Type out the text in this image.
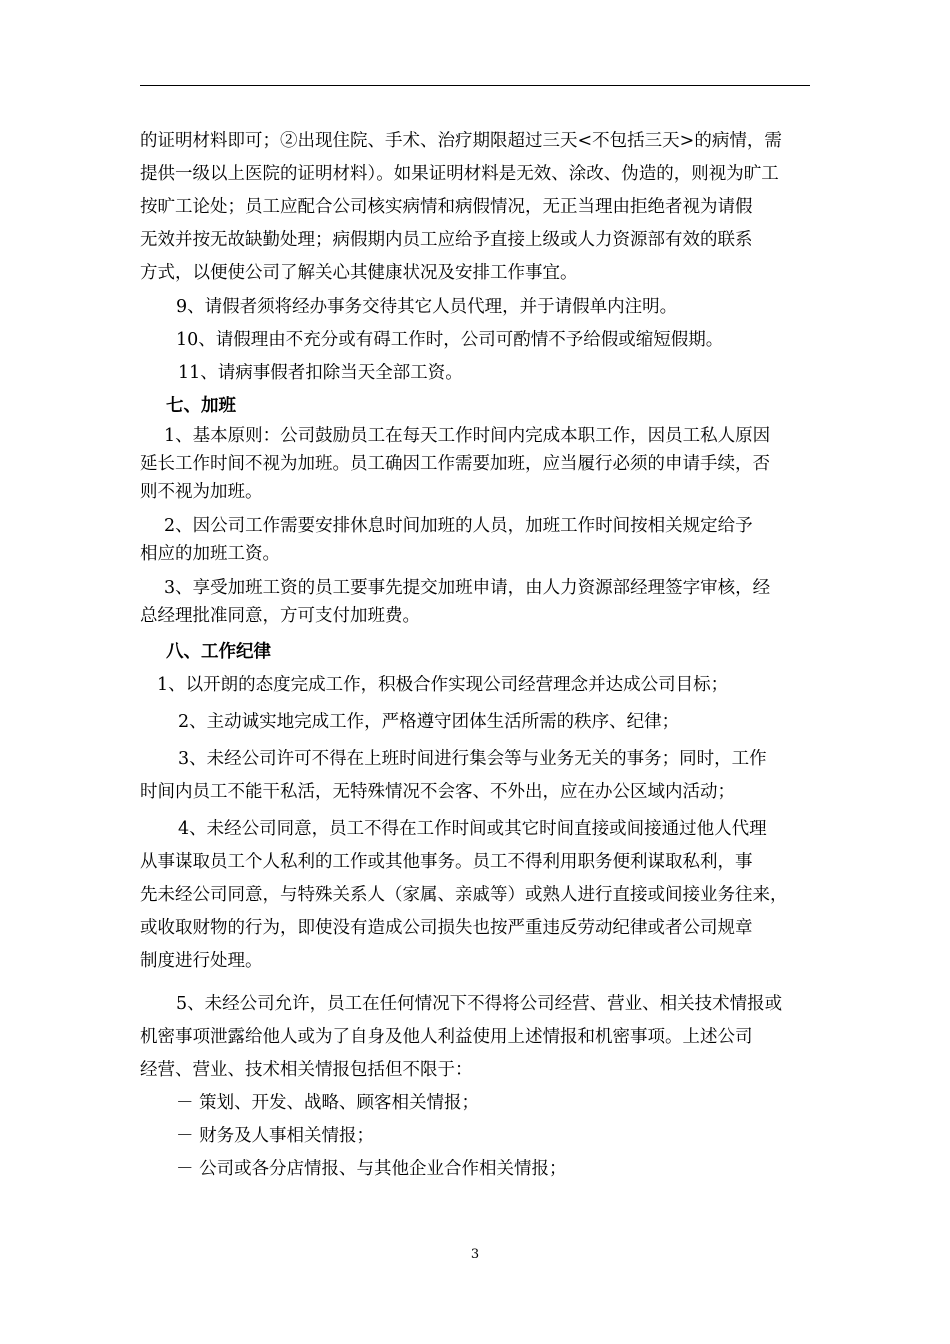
的证明材料即可；②出现住院、手术、治疗期限超过三天<不包括三天>的病情，需

提供一级以上医院的证明材料）。如果证明材料是无效、涂改、伪造的，则视为旷工

按旷工论处；员工应配合公司核实病情和病假情况，无正当理由拒绝者视为请假

无效并按无故缺勤处理；病假期内员工应给予直接上级或人力资源部有效的联系

方式，以便使公司了解关心其健康状况及安排工作事宜。

9、请假者须将经办事务交待其它人员代理，并于请假单内注明。

10、请假理由不充分或有碍工作时，公司可酌情不予给假或缩短假期。

11、请病事假者扣除当天全部工资。

七、加班

1、基本原则：公司鼓励员工在每天工作时间内完成本职工作，因员工私人原因

延长工作时间不视为加班。员工确因工作需要加班，应当履行必须的申请手续，否

则不视为加班。

2、因公司工作需要安排休息时间加班的人员，加班工作时间按相关规定给予

相应的加班工资。

3、享受加班工资的员工要事先提交加班申请，由人力资源部经理签字审核，经

总经理批准同意，方可支付加班费。

八、工作纪律

1、以开朗的态度完成工作，积极合作实现公司经营理念并达成公司目标；

2、主动诚实地完成工作，严格遵守团体生活所需的秩序、纪律；

3、未经公司许可不得在上班时间进行集会等与业务无关的事务；同时，工作

时间内员工不能干私活，无特殊情况不会客、不外出，应在办公区域内活动；

4、未经公司同意，员工不得在工作时间或其它时间直接或间接通过他人代理

从事谋取员工个人私利的工作或其他事务。员工不得利用职务便利谋取私利，事

先未经公司同意，与特殊关系人（家属、亲戚等）或熟人进行直接或间接业务往来，

或收取财物的行为，即使没有造成公司损失也按严重违反劳动纪律或者公司规章

制度进行处理。

5、未经公司允许，员工在任何情况下不得将公司经营、营业、相关技术情报或

机密事项泄露给他人或为了自身及他人利益使用上述情报和机密事项。上述公司

经营、营业、技术相关情报包括但不限于：

－ 策划、开发、战略、顾客相关情报；

－ 财务及人事相关情报；

－ 公司或各分店情报、与其他企业合作相关情报；

3
